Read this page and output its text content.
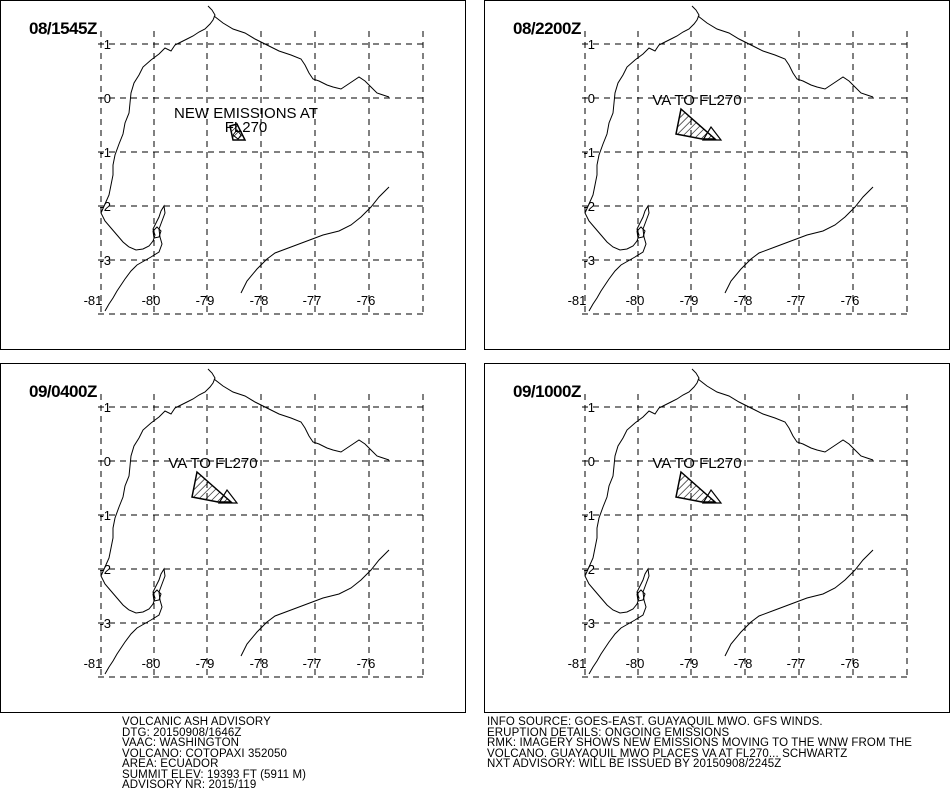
1
0
-1
-2
-3
-81	-80	-79	-78	-77	-76
NEW EMISSIONS AT
FL270
08/1545Z
1
0
-1
-2
-3
-81	-80	-79	-78	-77	-76
VA TO FL270
08/2200Z
1
0
-1
-2
-3
-81	-80	-79	-78	-77	-76
VA TO FL270
09/0400Z
1
0
-1
-2
-3
-81	-80	-79	-78	-77	-76
VA TO FL270
09/1000Z
VOLCANIC ASH ADVISORY
DTG: 20150908/1646Z
VAAC: WASHINGTON
VOLCANO: COTOPAXI 352050
AREA: ECUADOR
SUMMIT ELEV: 19393 FT (5911 M)
ADVISORY NR: 2015/119
INFO SOURCE: GOES-EAST. GUAYAQUIL MWO. GFS WINDS.
ERUPTION DETAILS: ONGOING EMISSIONS
RMK: IMAGERY SHOWS NEW EMISSIONS MOVING TO THE WNW FROM THE
VOLCANO. GUAYAQUIL MWO PLACES VA AT FL270... SCHWARTZ
NXT ADVISORY: WILL BE ISSUED BY 20150908/2245Z
